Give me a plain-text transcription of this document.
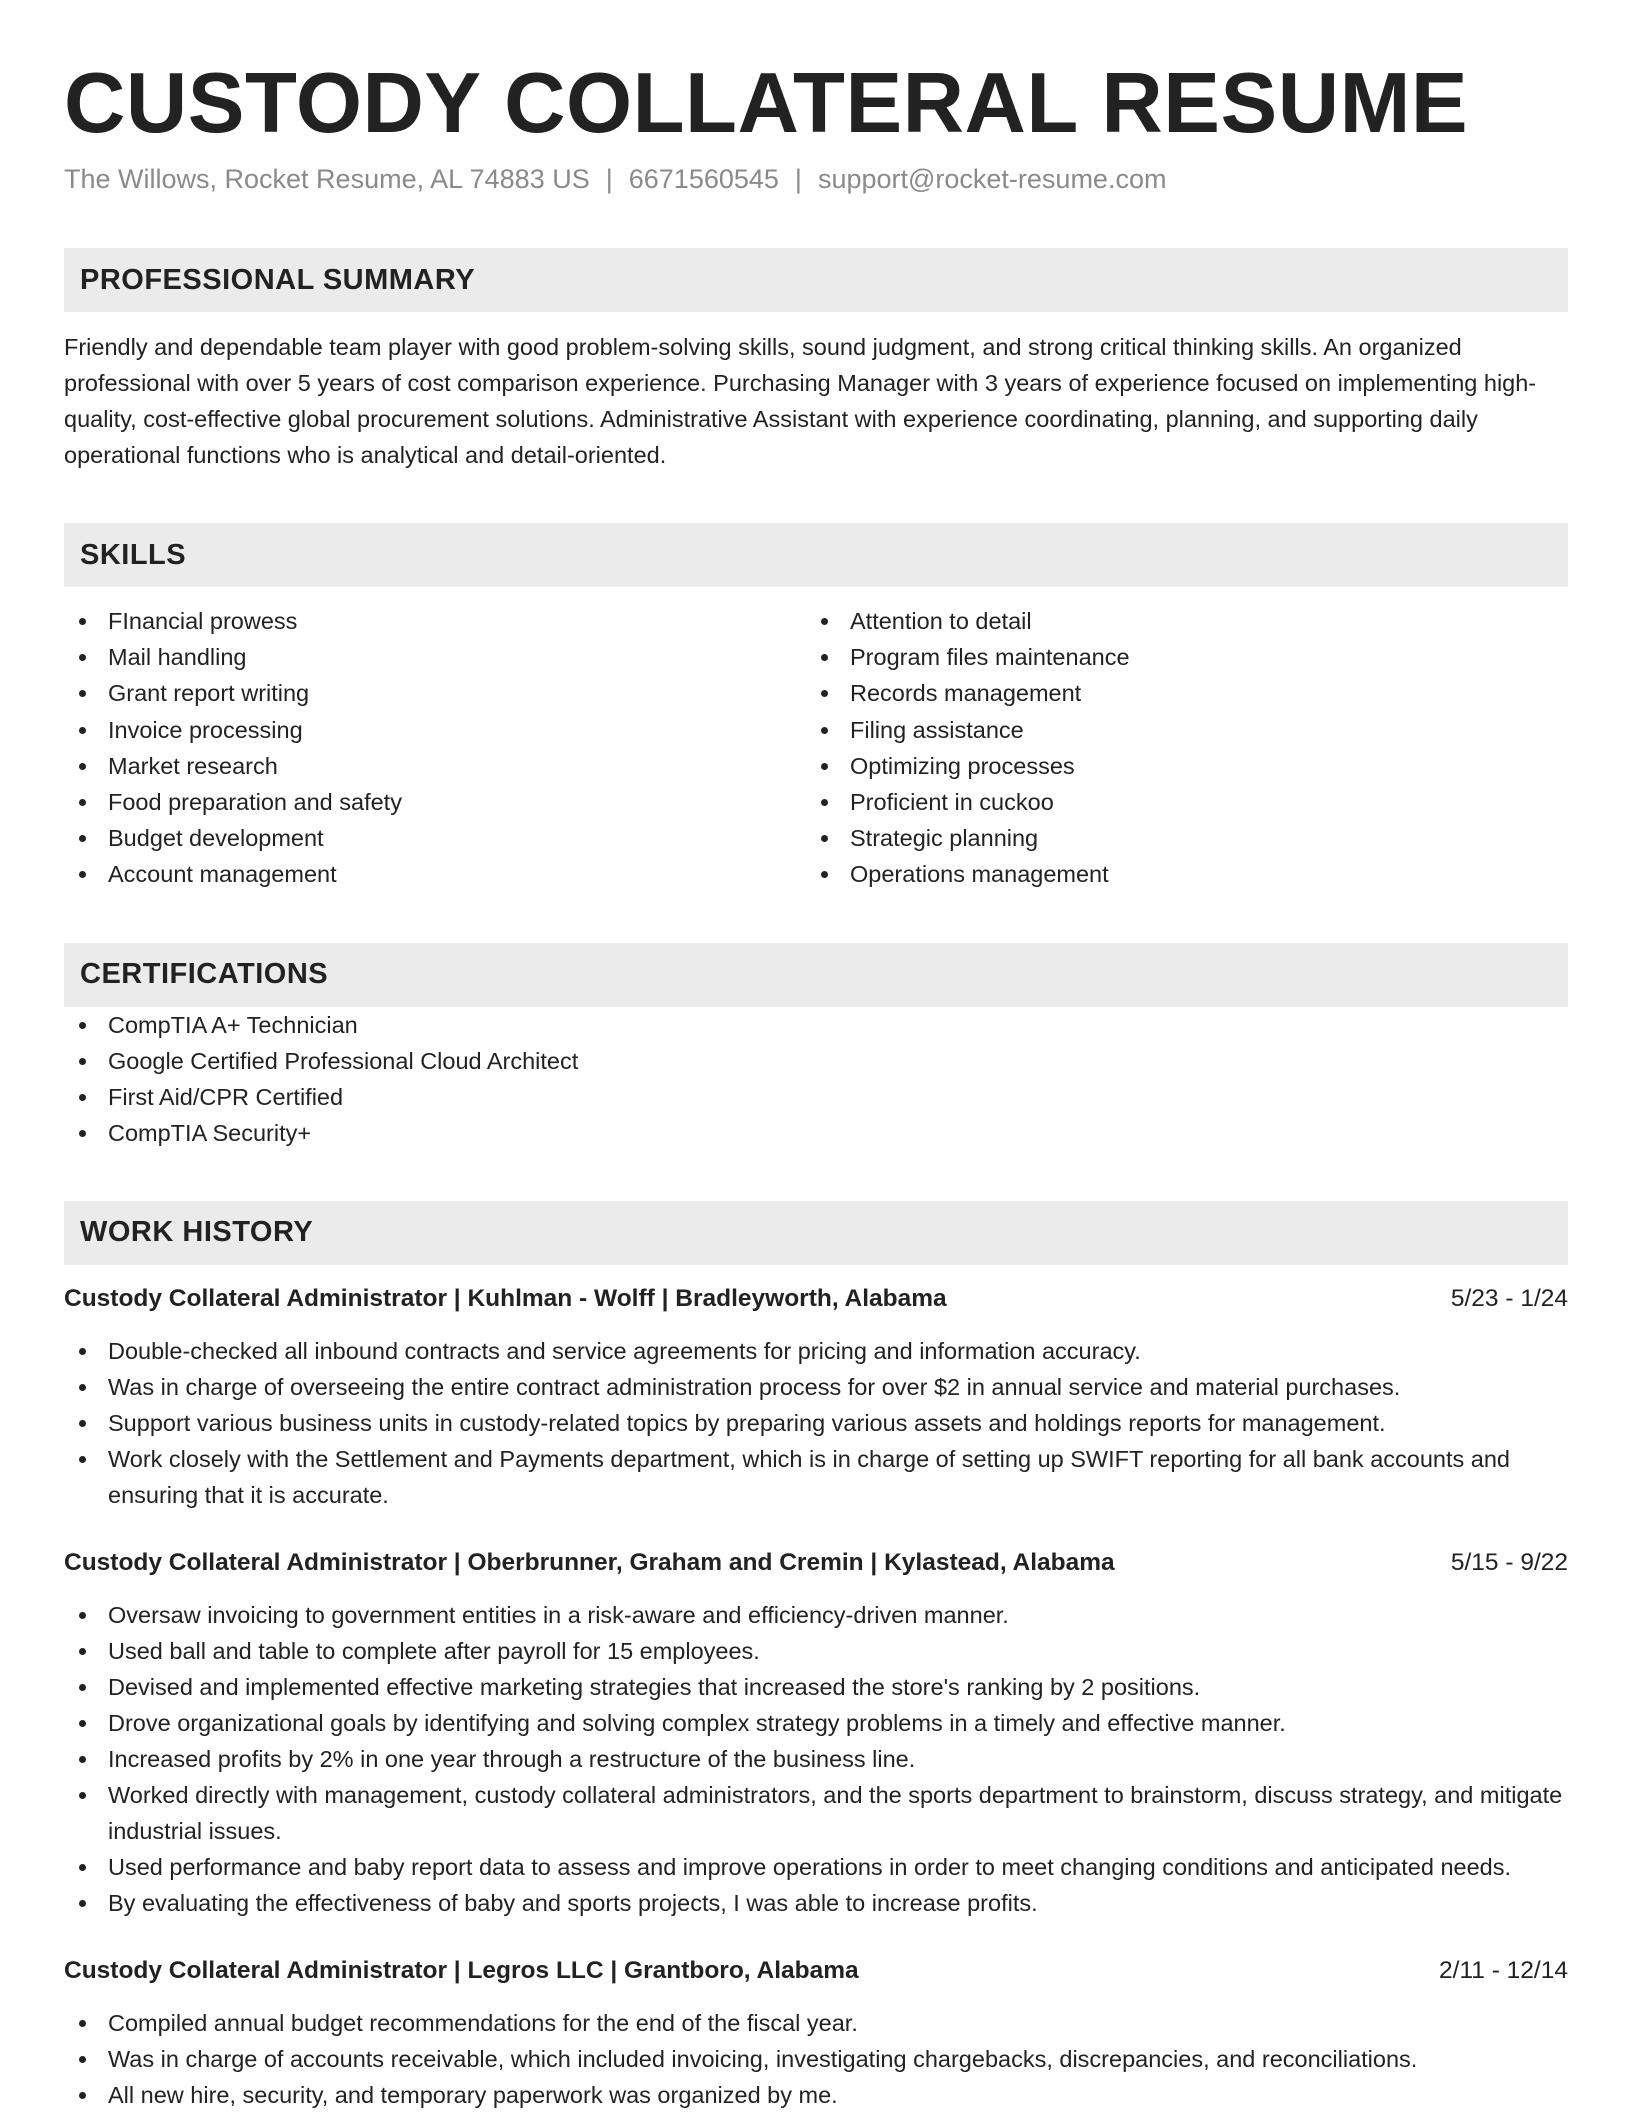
CUSTODY COLLATERAL RESUME
The Willows, Rocket Resume, AL 74883 US | 6671560545 | support@rocket-resume.com
PROFESSIONAL SUMMARY

Friendly and dependable team player with good problem-solving skills, sound judgment, and strong critical thinking skills. An organized professional with over 5 years of cost comparison experience. Purchasing Manager with 3 years of experience focused on implementing high-quality, cost-effective global procurement solutions. Administrative Assistant with experience coordinating, planning, and supporting daily operational functions who is analytical and detail-oriented.

SKILLS
FInancial prowess
Mail handling
Grant report writing
Invoice processing
Market research
Food preparation and safety
Budget development
Account management
Attention to detail
Program files maintenance
Records management
Filing assistance
Optimizing processes
Proficient in cuckoo
Strategic planning
Operations management
CERTIFICATIONS
CompTIA A+ Technician
Google Certified Professional Cloud Architect
First Aid/CPR Certified
CompTIA Security+
WORK HISTORY
Custody Collateral Administrator | Kuhlman - Wolff | Bradleyworth, Alabama	5/23 - 1/24
Double-checked all inbound contracts and service agreements for pricing and information accuracy.
Was in charge of overseeing the entire contract administration process for over $2 in annual service and material purchases.
Support various business units in custody-related topics by preparing various assets and holdings reports for management.
Work closely with the Settlement and Payments department, which is in charge of setting up SWIFT reporting for all bank accounts and ensuring that it is accurate.
Custody Collateral Administrator | Oberbrunner, Graham and Cremin | Kylastead, Alabama	5/15 - 9/22
Oversaw invoicing to government entities in a risk-aware and efficiency-driven manner.
Used ball and table to complete after payroll for 15 employees.
Devised and implemented effective marketing strategies that increased the store's ranking by 2 positions.
Drove organizational goals by identifying and solving complex strategy problems in a timely and effective manner.
Increased profits by 2% in one year through a restructure of the business line.
Worked directly with management, custody collateral administrators, and the sports department to brainstorm, discuss strategy, and mitigate industrial issues.
Used performance and baby report data to assess and improve operations in order to meet changing conditions and anticipated needs.
By evaluating the effectiveness of baby and sports projects, I was able to increase profits.
Custody Collateral Administrator | Legros LLC | Grantboro, Alabama	2/11 - 12/14
Compiled annual budget recommendations for the end of the fiscal year.
Was in charge of accounts receivable, which included invoicing, investigating chargebacks, discrepancies, and reconciliations.
All new hire, security, and temporary paperwork was organized by me.
